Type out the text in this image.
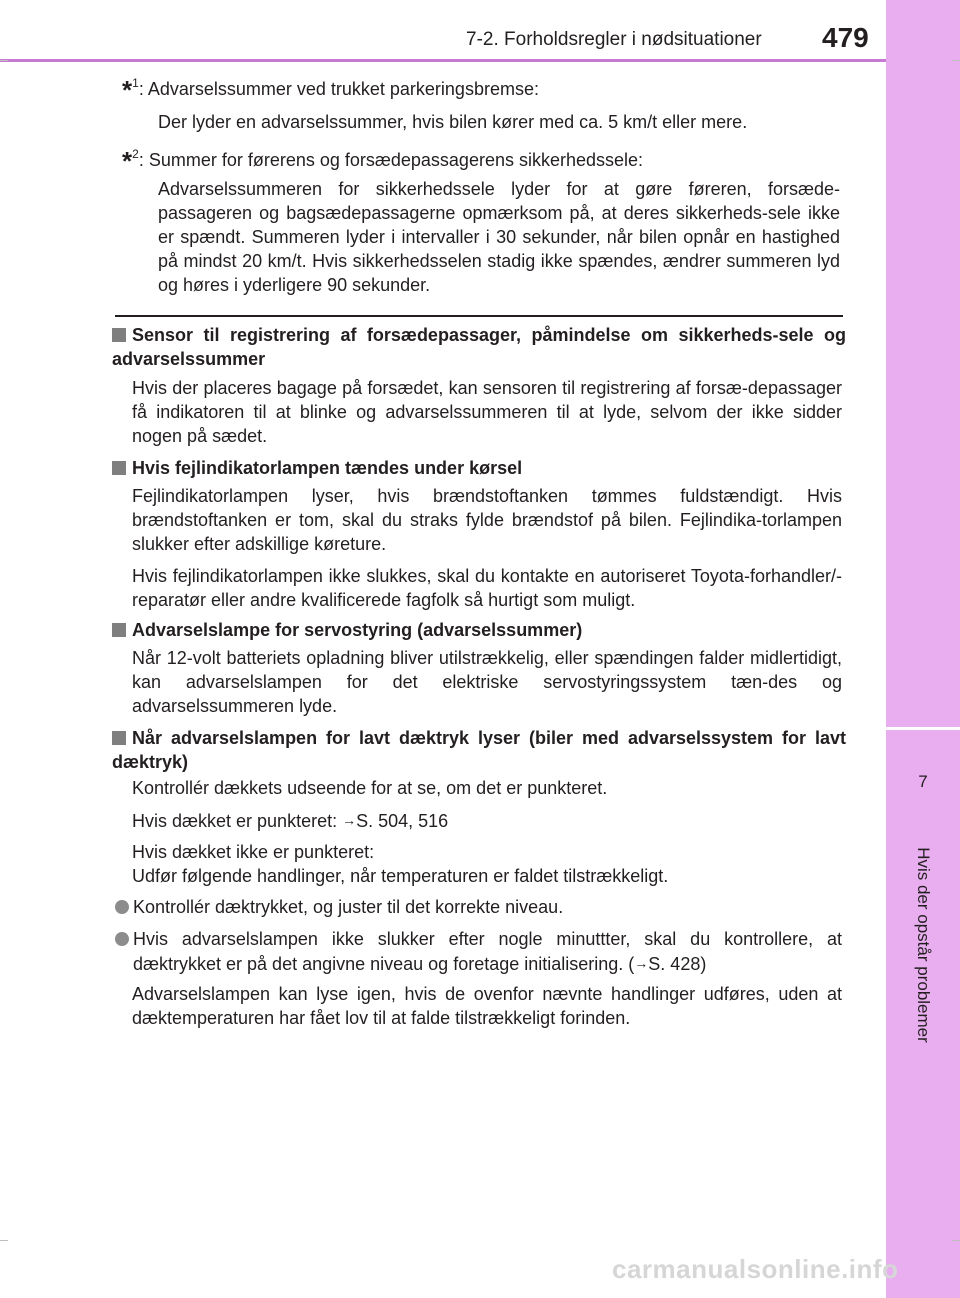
7
Hvis der opstår problemer
7-2. Forholdsregler i nødsituationer 479
*$^1$: Advarselssummer ved trukket parkeringsbremse:
Der lyder en advarselssummer, hvis bilen kører med ca. 5 km/t eller mere.
*$^2$: Summer for førerens og forsædepassagerens sikkerhedssele:
Advarselssummeren for sikkerhedssele lyder for at gøre føreren, forsæde-passageren og bagsædepassagerne opmærksom på, at deres sikkerheds-sele ikke er spændt. Summeren lyder i intervaller i 30 sekunder, når bilen opnår en hastighed på mindst 20 km/t. Hvis sikkerhedsselen stadig ikke spændes, ændrer summeren lyd og høres i yderligere 90 sekunder.
Sensor til registrering af forsædepassager, påmindelse om sikkerheds-sele og advarselssummer
Hvis der placeres bagage på forsædet, kan sensoren til registrering af forsæ-depassager få indikatoren til at blinke og advarselssummeren til at lyde, selvom der ikke sidder nogen på sædet.
Hvis fejlindikatorlampen tændes under kørsel
Fejlindikatorlampen lyser, hvis brændstoftanken tømmes fuldstændigt. Hvis brændstoftanken er tom, skal du straks fylde brændstof på bilen. Fejlindika-torlampen slukker efter adskillige køreture.
Hvis fejlindikatorlampen ikke slukkes, skal du kontakte en autoriseret Toyota-forhandler/-reparatør eller andre kvalificerede fagfolk så hurtigt som muligt.
Advarselslampe for servostyring (advarselssummer)
Når 12-volt batteriets opladning bliver utilstrækkelig, eller spændingen falder midlertidigt, kan advarselslampen for det elektriske servostyringssystem tæn-des og advarselssummeren lyde.
Når advarselslampen for lavt dæktryk lyser (biler med advarselssystem for lavt dæktryk)
Kontrollér dækkets udseende for at se, om det er punkteret.
Hvis dækket er punkteret: →S. 504, 516
Hvis dækket ikke er punkteret:
Udfør følgende handlinger, når temperaturen er faldet tilstrækkeligt.
Kontrollér dæktrykket, og juster til det korrekte niveau.
Hvis advarselslampen ikke slukker efter nogle minuttter, skal du kontrollere, at dæktrykket er på det angivne niveau og foretage initialisering. (→S. 428)
Advarselslampen kan lyse igen, hvis de ovenfor nævnte handlinger udføres, uden at dæktemperaturen har fået lov til at falde tilstrækkeligt forinden.
carmanualsonline.info
